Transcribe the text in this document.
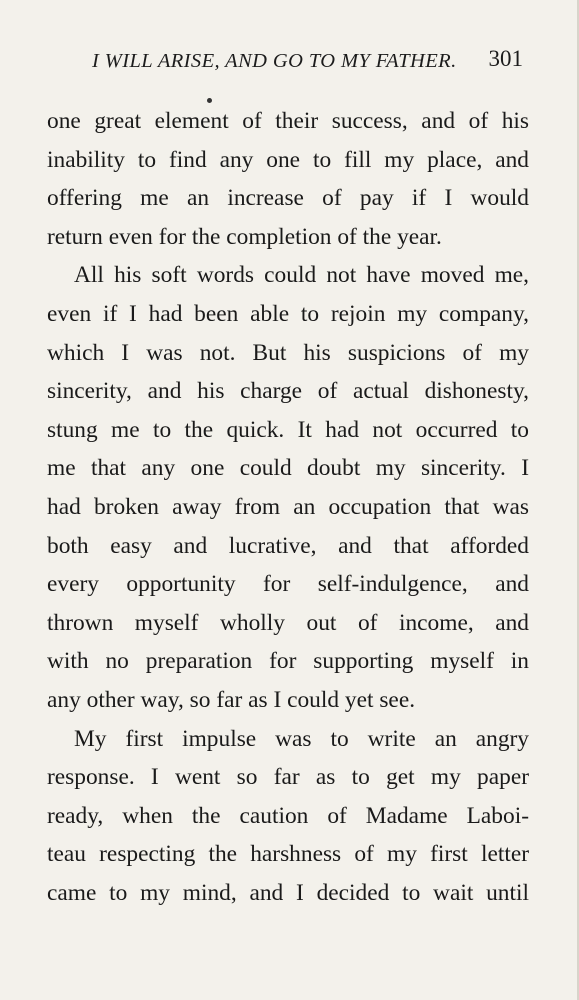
I WILL ARISE, AND GO TO MY FATHER. 301
one great element of their success, and of his
inability to find any one to fill my place, and
offering me an increase of pay if I would
return even for the completion of the year.
All his soft words could not have moved me,
even if I had been able to rejoin my company,
which I was not. But his suspicions of my
sincerity, and his charge of actual dishonesty,
stung me to the quick. It had not occurred to
me that any one could doubt my sincerity. I
had broken away from an occupation that was
both easy and lucrative, and that afforded
every opportunity for self-indulgence, and
thrown myself wholly out of income, and
with no preparation for supporting myself in
any other way, so far as I could yet see.
My first impulse was to write an angry
response. I went so far as to get my paper
ready, when the caution of Madame Laboi-
teau respecting the harshness of my first letter
came to my mind, and I decided to wait until
